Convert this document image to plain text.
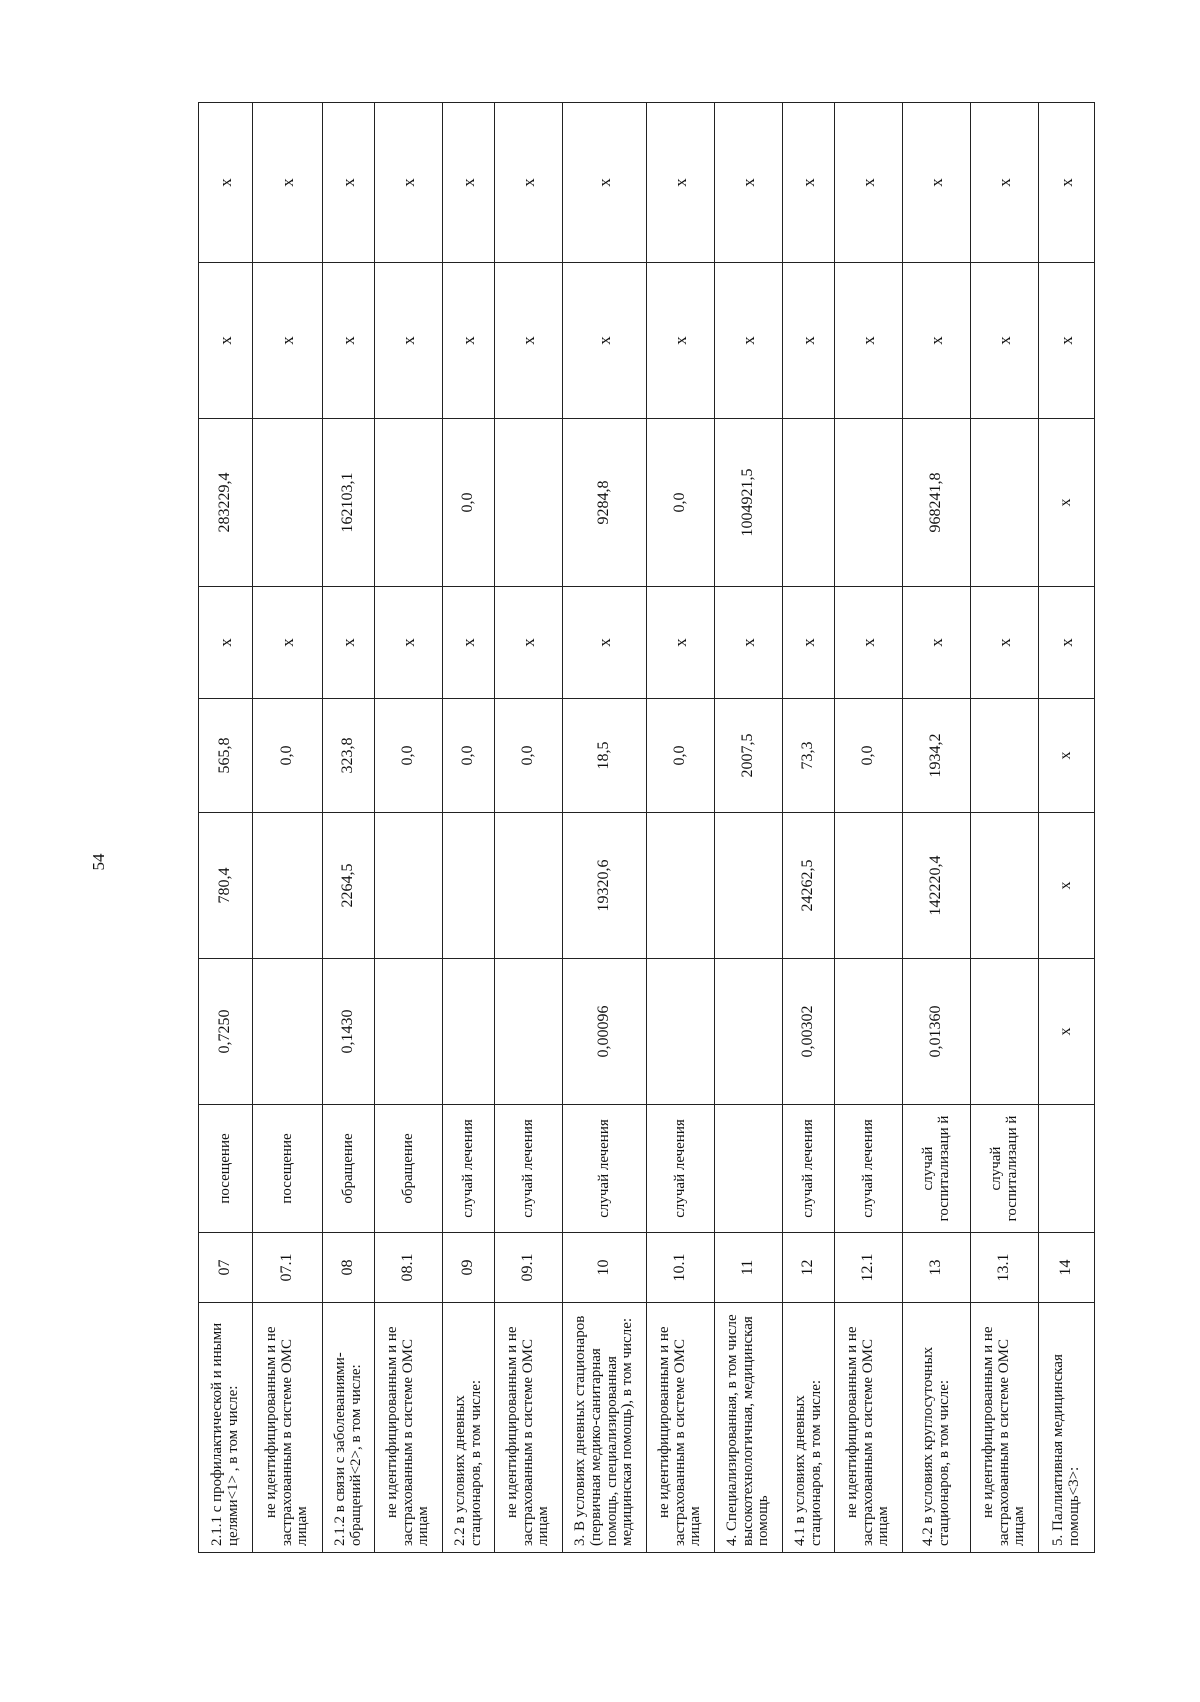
54
2.1.1 с профилактической и иными целями<1> , в том числе:	07	посещение	0,7250	780,4	565,8	x	283229,4	x	x
не идентифицированным и не застрахованным в системе ОМС лицам	07.1	посещение			0,0	x		x	x
2.1.2 в связи с заболеваниями-обращений<2>, в том числе:	08	обращение	0,1430	2264,5	323,8	x	162103,1	x	x
не идентифицированным и не застрахованным в системе ОМС лицам	08.1	обращение			0,0	x		x	x
2.2 в условиях дневных стационаров, в том числе:	09	случай лечения			0,0	x	0,0	x	x
не идентифицированным и не застрахованным в системе ОМС лицам	09.1	случай лечения			0,0	x		x	x
3. В условиях дневных стационаров (первичная медико-санитарная помощь, специализированная медицинская помощь), в том числе:	10	случай лечения	0,00096	19320,6	18,5	x	9284,8	x	x
не идентифицированным и не застрахованным в системе ОМС лицам	10.1	случай лечения			0,0	x	0,0	x	x
4. Специализированная, в том числе высокотехнологичная, медицинская помощь	11				2007,5	x	1004921,5	x	x
4.1 в условиях дневных стационаров, в том числе:	12	случай лечения	0,00302	24262,5	73,3	x		x	x
не идентифицированным и не застрахованным в системе ОМС лицам	12.1	случай лечения			0,0	x		x	x
4.2 в условиях круглосуточных стационаров, в том числе:	13	случай госпитализаци й	0,01360	142220,4	1934,2	x	968241,8	x	x
не идентифицированным и не застрахованным в системе ОМС лицам	13.1	случай госпитализаци й				x		x	x
5. Паллиативная медицинская помощь<3>:	14		x	x	x	x	x	x	x
